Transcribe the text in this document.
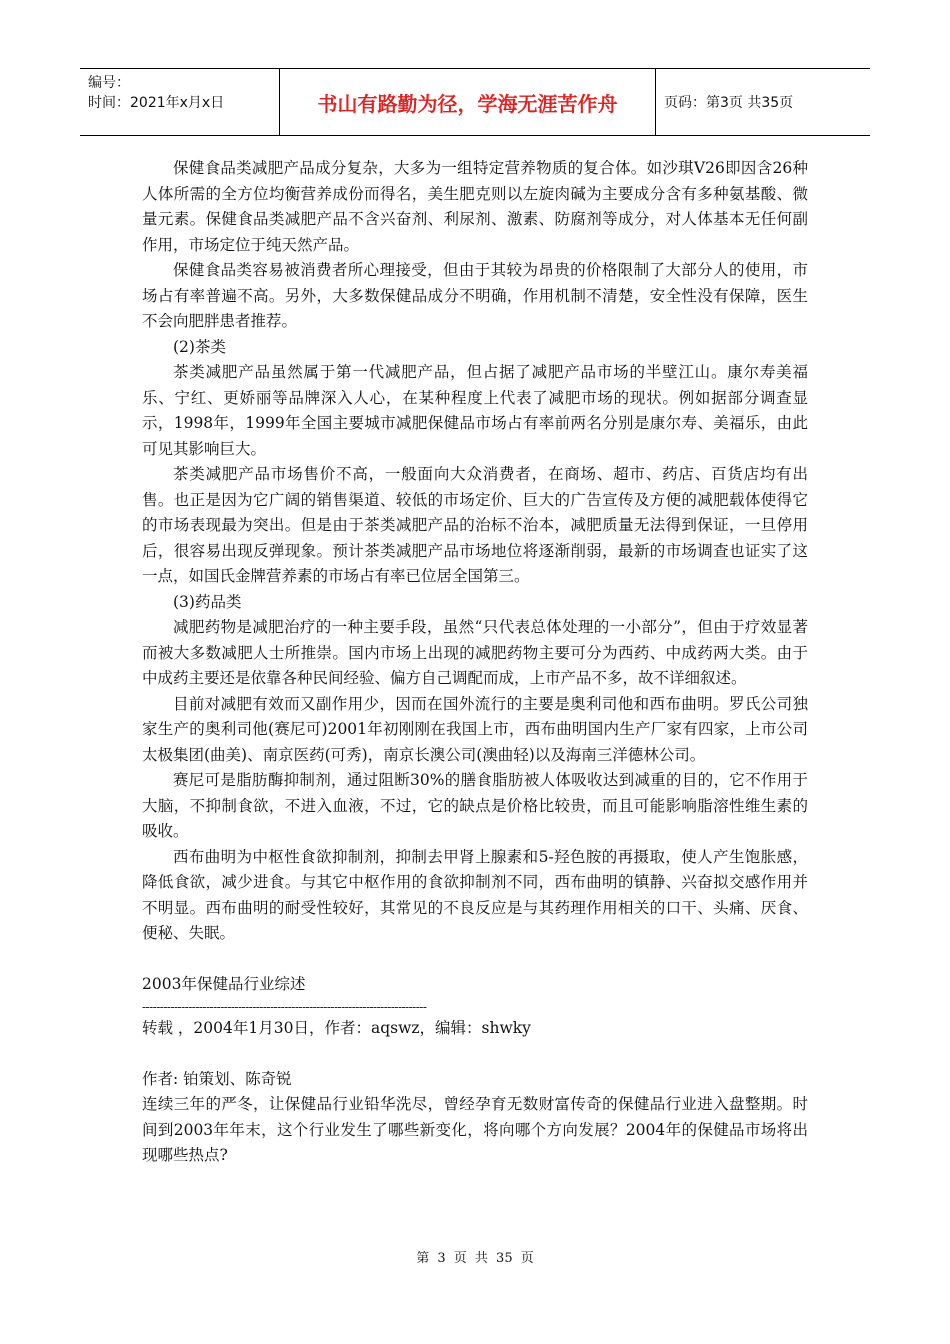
编号：
时间：2021年x月x日	书山有路勤为径，学海无涯苦作舟	页码：第3页 共35页

保健食品类减肥产品成分复杂，大多为一组特定营养物质的复合体。如沙琪V26即因含26种人体所需的全方位均衡营养成份而得名，美生肥克则以左旋肉碱为主要成分含有多种氨基酸、微量元素。保健食品类减肥产品不含兴奋剂、利尿剂、激素、防腐剂等成分，对人体基本无任何副作用，市场定位于纯天然产品。

保健食品类容易被消费者所心理接受，但由于其较为昂贵的价格限制了大部分人的使用，市场占有率普遍不高。另外，大多数保健品成分不明确，作用机制不清楚，安全性没有保障，医生不会向肥胖患者推荐。

(2)茶类

茶类减肥产品虽然属于第一代减肥产品，但占据了减肥产品市场的半壁江山。康尔寿美福乐、宁红、更娇丽等品牌深入人心，在某种程度上代表了减肥市场的现状。例如据部分调查显示，1998年，1999年全国主要城市减肥保健品市场占有率前两名分别是康尔寿、美福乐，由此可见其影响巨大。

茶类减肥产品市场售价不高，一般面向大众消费者，在商场、超市、药店、百货店均有出售。也正是因为它广阔的销售渠道、较低的市场定价、巨大的广告宣传及方便的减肥载体使得它的市场表现最为突出。但是由于茶类减肥产品的治标不治本，减肥质量无法得到保证，一旦停用后，很容易出现反弹现象。预计茶类减肥产品市场地位将逐渐削弱，最新的市场调查也证实了这一点，如国氏金牌营养素的市场占有率已位居全国第三。

(3)药品类

减肥药物是减肥治疗的一种主要手段，虽然“只代表总体处理的一小部分”，但由于疗效显著而被大多数减肥人士所推崇。国内市场上出现的减肥药物主要可分为西药、中成药两大类。由于中成药主要还是依靠各种民间经验、偏方自己调配而成，上市产品不多，故不详细叙述。

目前对减肥有效而又副作用少，因而在国外流行的主要是奥利司他和西布曲明。罗氏公司独家生产的奥利司他(赛尼可)2001年初刚刚在我国上市，西布曲明国内生产厂家有四家，上市公司太极集团(曲美)、南京医药(可秀)，南京长澳公司(澳曲轻)以及海南三洋德林公司。

赛尼可是脂肪酶抑制剂，通过阻断30%的膳食脂肪被人体吸收达到减重的目的，它不作用于大脑，不抑制食欲，不进入血液，不过，它的缺点是价格比较贵，而且可能影响脂溶性维生素的吸收。

西布曲明为中枢性食欲抑制剂，抑制去甲肾上腺素和5-羟色胺的再摄取，使人产生饱胀感，降低食欲，减少进食。与其它中枢作用的食欲抑制剂不同，西布曲明的镇静、兴奋拟交感作用并不明显。西布曲明的耐受性较好，其常见的不良反应是与其药理作用相关的口干、头痛、厌食、便秘、失眠。

2003年保健品行业综述

--------------------------------------------------------------------------------

转载 ，2004年1月30日，作者：aqswz，编辑：shwky

作者: 铂策划、陈奇锐

连续三年的严冬，让保健品行业铅华洗尽，曾经孕育无数财富传奇的保健品行业进入盘整期。时间到2003年年末，这个行业发生了哪些新变化，将向哪个方向发展？2004年的保健品市场将出现哪些热点?

第 3 页 共 35 页
